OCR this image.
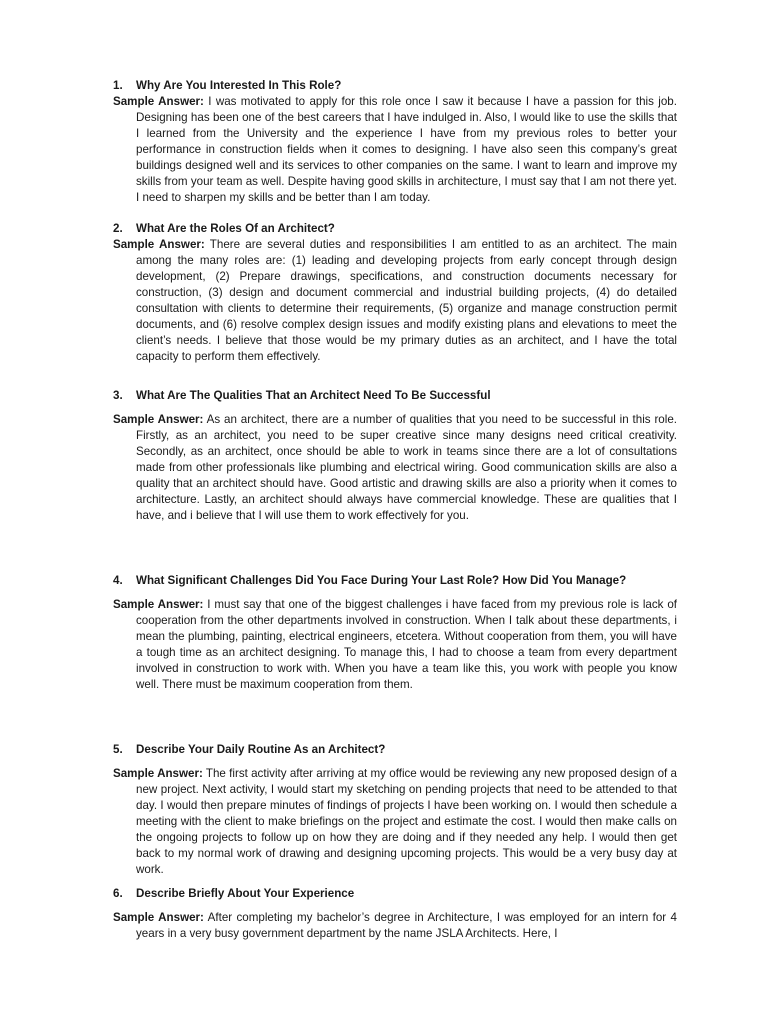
1. Why Are You Interested In This Role?

Sample Answer: I was motivated to apply for this role once I saw it because I have a passion for this job. Designing has been one of the best careers that I have indulged in. Also, I would like to use the skills that I learned from the University and the experience I have from my previous roles to better your performance in construction fields when it comes to designing. I have also seen this company’s great buildings designed well and its services to other companies on the same. I want to learn and improve my skills from your team as well. Despite having good skills in architecture, I must say that I am not there yet. I need to sharpen my skills and be better than I am today.

2. What Are the Roles Of an Architect?

Sample Answer: There are several duties and responsibilities I am entitled to as an architect. The main among the many roles are: (1) leading and developing projects from early concept through design development, (2) Prepare drawings, specifications, and construction documents necessary for construction, (3) design and document commercial and industrial building projects, (4) do detailed consultation with clients to determine their requirements, (5) organize and manage construction permit documents, and (6) resolve complex design issues and modify existing plans and elevations to meet the client’s needs. I believe that those would be my primary duties as an architect, and I have the total capacity to perform them effectively.

3. What Are The Qualities That an Architect Need To Be Successful

Sample Answer: As an architect, there are a number of qualities that you need to be successful in this role. Firstly, as an architect, you need to be super creative since many designs need critical creativity. Secondly, as an architect, once should be able to work in teams since there are a lot of consultations made from other professionals like plumbing and electrical wiring. Good communication skills are also a quality that an architect should have. Good artistic and drawing skills are also a priority when it comes to architecture. Lastly, an architect should always have commercial knowledge. These are qualities that I have, and i believe that I will use them to work effectively for you.

4. What Significant Challenges Did You Face During Your Last Role? How Did You Manage?

Sample Answer: I must say that one of the biggest challenges i have faced from my previous role is lack of cooperation from the other departments involved in construction. When I talk about these departments, i mean the plumbing, painting, electrical engineers, etcetera. Without cooperation from them, you will have a tough time as an architect designing. To manage this, I had to choose a team from every department involved in construction to work with. When you have a team like this, you work with people you know well. There must be maximum cooperation from them.

5. Describe Your Daily Routine As an Architect?

Sample Answer: The first activity after arriving at my office would be reviewing any new proposed design of a new project. Next activity, I would start my sketching on pending projects that need to be attended to that day. I would then prepare minutes of findings of projects I have been working on. I would then schedule a meeting with the client to make briefings on the project and estimate the cost. I would then make calls on the ongoing projects to follow up on how they are doing and if they needed any help. I would then get back to my normal work of drawing and designing upcoming projects. This would be a very busy day at work.

6. Describe Briefly About Your Experience

Sample Answer: After completing my bachelor’s degree in Architecture, I was employed for an intern for 4 years in a very busy government department by the name JSLA Architects. Here, I
